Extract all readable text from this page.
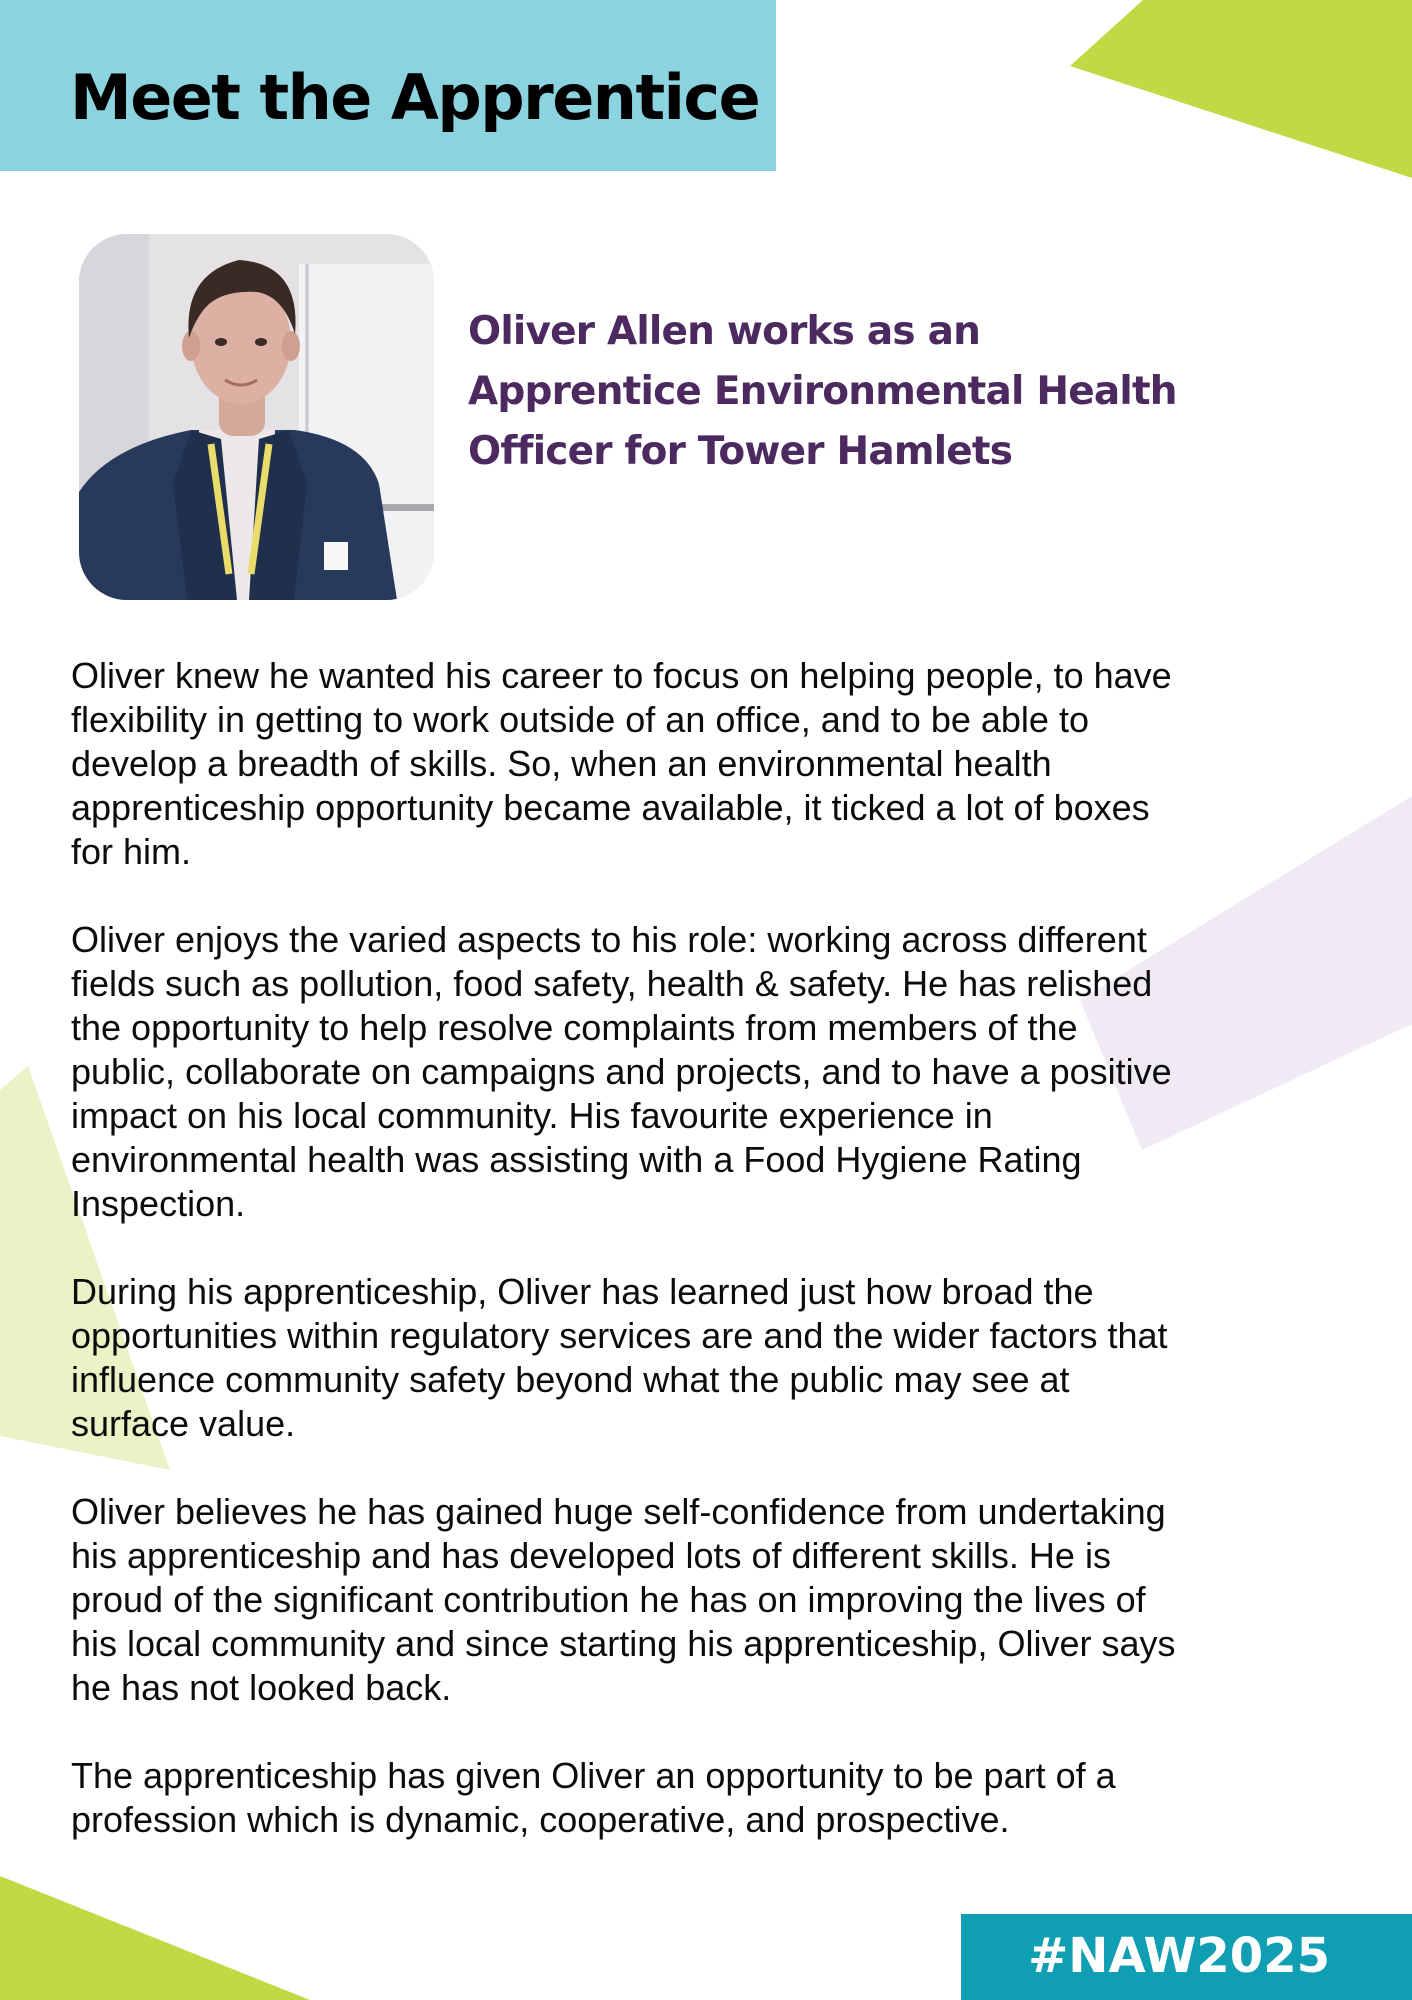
Meet the Apprentice

Oliver Allen works as an
Apprentice Environmental Health
Officer for Tower Hamlets

Oliver knew he wanted his career to focus on helping people, to have
flexibility in getting to work outside of an office, and to be able to
develop a breadth of skills. So, when an environmental health
apprenticeship opportunity became available, it ticked a lot of boxes
for him.

Oliver enjoys the varied aspects to his role: working across different
fields such as pollution, food safety, health & safety. He has relished
the opportunity to help resolve complaints from members of the
public, collaborate on campaigns and projects, and to have a positive
impact on his local community. His favourite experience in
environmental health was assisting with a Food Hygiene Rating
Inspection.

During his apprenticeship, Oliver has learned just how broad the
opportunities within regulatory services are and the wider factors that
influence community safety beyond what the public may see at
surface value.

Oliver believes he has gained huge self-confidence from undertaking
his apprenticeship and has developed lots of different skills. He is
proud of the significant contribution he has on improving the lives of
his local community and since starting his apprenticeship, Oliver says
he has not looked back.

The apprenticeship has given Oliver an opportunity to be part of a
profession which is dynamic, cooperative, and prospective.

#NAW2025
